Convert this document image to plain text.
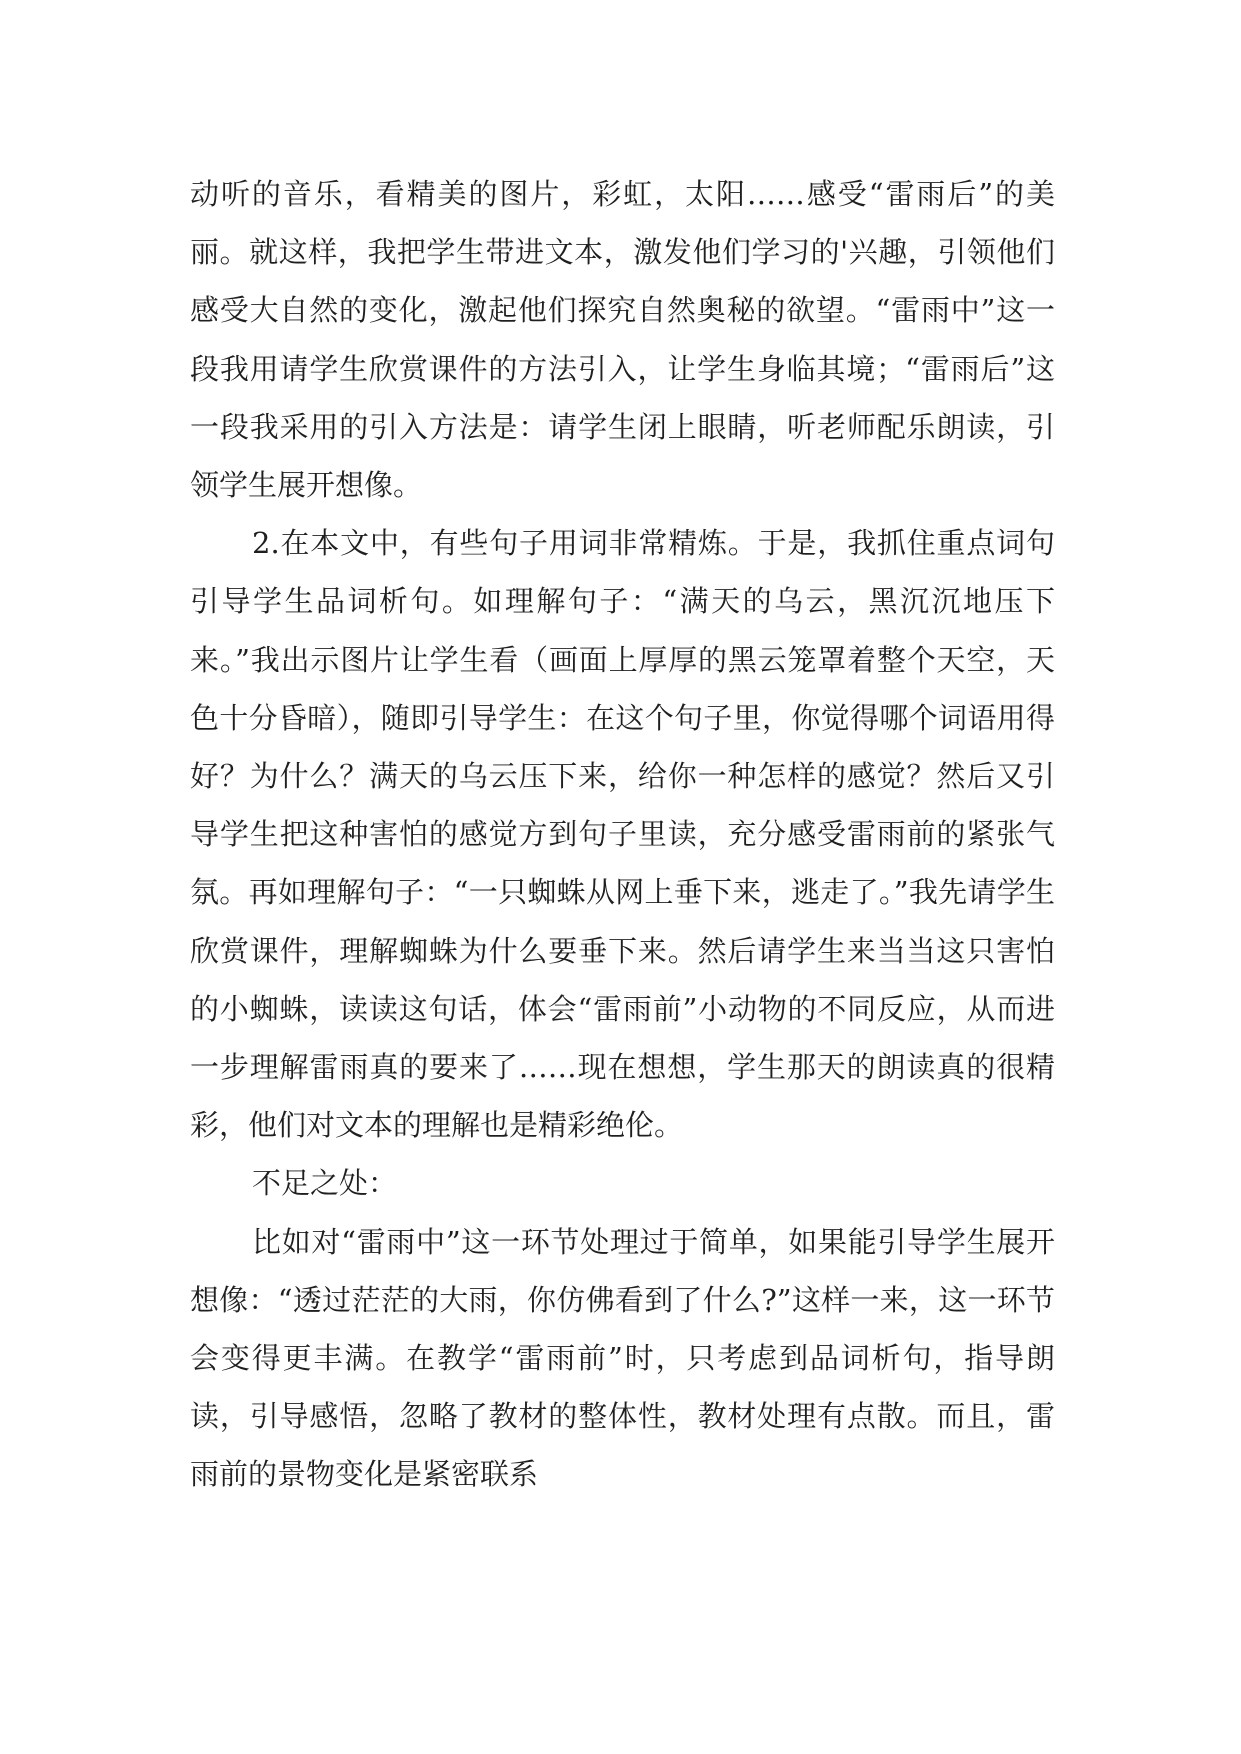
动听的音乐，看精美的图片，彩虹，太阳……感受“雷雨后”的美丽。就这样，我把学生带进文本，激发他们学习的'兴趣，引领他们感受大自然的变化，激起他们探究自然奥秘的欲望。“雷雨中”这一段我用请学生欣赏课件的方法引入，让学生身临其境；“雷雨后”这一段我采用的引入方法是：请学生闭上眼睛，听老师配乐朗读，引领学生展开想像。

2.在本文中，有些句子用词非常精炼。于是，我抓住重点词句引导学生品词析句。如理解句子：“满天的乌云，黑沉沉地压下来。”我出示图片让学生看（画面上厚厚的黑云笼罩着整个天空，天色十分昏暗），随即引导学生：在这个句子里，你觉得哪个词语用得好？为什么？满天的乌云压下来，给你一种怎样的感觉？然后又引导学生把这种害怕的感觉方到句子里读，充分感受雷雨前的紧张气氛。再如理解句子：“一只蜘蛛从网上垂下来，逃走了。”我先请学生欣赏课件，理解蜘蛛为什么要垂下来。然后请学生来当当这只害怕的小蜘蛛，读读这句话，体会“雷雨前”小动物的不同反应，从而进一步理解雷雨真的要来了……现在想想，学生那天的朗读真的很精彩，他们对文本的理解也是精彩绝伦。

不足之处：

比如对“雷雨中”这一环节处理过于简单，如果能引导学生展开想像：“透过茫茫的大雨，你仿佛看到了什么?”这样一来，这一环节会变得更丰满。在教学“雷雨前”时，只考虑到品词析句，指导朗读，引导感悟，忽略了教材的整体性，教材处理有点散。而且，雷雨前的景物变化是紧密联系
